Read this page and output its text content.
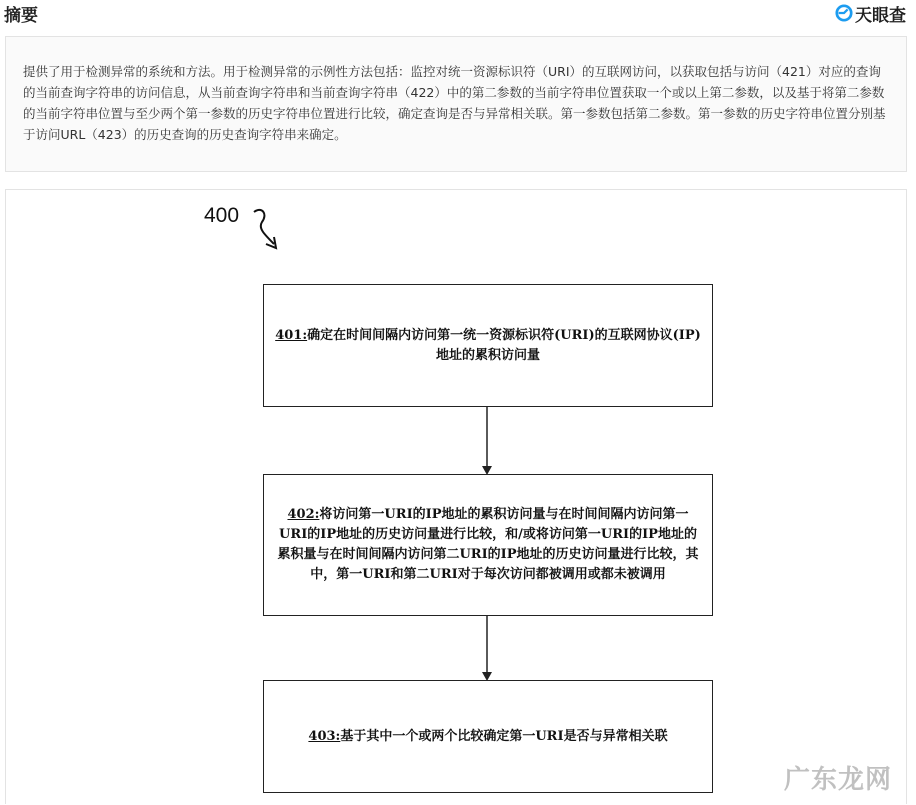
摘要	天眼查
提供了用于检测异常的系统和方法。用于检测异常的示例性方法包括：监控对统一资源标识符（URI）的互联网访问，以获取包括与访问（421）对应的查询的当前查询字符串的访问信息，从当前查询字符串和当前查询字符串（422）中的第二参数的当前字符串位置获取一个或以上第二参数，以及基于将第二参数的当前字符串位置与至少两个第一参数的历史字符串位置进行比较，确定查询是否与异常相关联。第一参数包括第二参数。第一参数的历史字符串位置分别基于访问URL（423）的历史查询的历史查询字符串来确定。
400
401:确定在时间间隔内访问第一统一资源标识符(URI)的互联网协议(IP)地址的累积访问量
402:将访问第一URI的IP地址的累积访问量与在时间间隔内访问第一URI的IP地址的历史访问量进行比较，和/或将访问第一URI的IP地址的累积量与在时间间隔内访问第二URI的IP地址的历史访问量进行比较，其中，第一URI和第二URI对于每次访问都被调用或都未被调用
403:基于其中一个或两个比较确定第一URI是否与异常相关联
广东龙网
